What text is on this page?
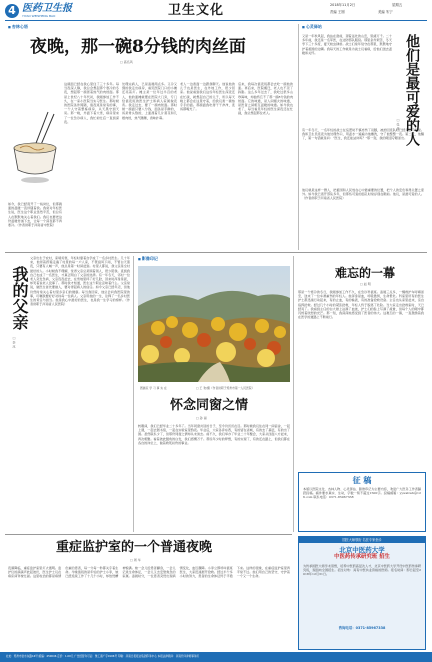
4 医药卫生报
YIYAO WEISHENG BAO	卫生文化	2018年11月2日	星期五
责编 王刚	美编 朱宁
■ 杏林心语
夜晚，那一碗8分钱的肉丝面
□ 高名风
这碗面已经在我心里住了三十多年。每当夜深人静，我总会想起那个寒冷的冬夜，想起那一碗冒着热气的肉丝面。那是上世纪八十年代初，我刚参加工作不久，在一家小医院当实习医生。那时候的医院条件简陋，值夜班是常有的事，一个人守着整栋病房，从天黑守到天亮。那一晚，外面下着大雪，病房里来了一位急诊病人，我忙前忙后一直到深夜。
处理完病人，已是凌晨两点多。又冷又饿的我走出病房，看见医院门口的小摊还亮着灯。摊主是一位年过半百的老人，他的面摊就摆在医院大门旁，专门给值夜班的医生护士和病人家属做夜宵。我走过去，要了一碗肉丝面。那时候一碗面只要八分钱，面条是手擀的，汤是骨头熬的，上面漂着几片葱花和几根肉丝，热气腾腾，香味扑鼻。
老人一边煮面一边跟我聊天。他说他的儿子也是医生，在外地工作，很少回家。他说看到我们这些年轻医生深夜还在忙碌，就想起自己的儿子，所以每天晚上都会在这里守着，给我们煮一碗热乎乎的面。那碗面我吃得干干净净，连汤都喝光了。
后来，我每次值夜班都会去吃一碗他的面。再后来，医院搬迁，老人也不见了踪影。这么多年过去了，我吃过很多山珍海味，却始终忘不了那一碗8分钱的肉丝面。它的味道，是人间烟火的味道，是医者之间相互温暖的味道。如今我也老了，每当看见年轻的医生深夜还在忙碌，我总想起那位老人。
如今，我已经离开了一线岗位，但那碗面的温暖一直伴随着我。我常对年轻医生说，医生这个职业虽然辛苦，但总有人在默默地关心着我们。我们也要把这份温暖传递下去，让每一个深夜都不再寒冷。（作者供职于河南省中医院）
■ 心灵驿站
他们是最可爱的人
□ 张 伟
又是一年秋风起，我站在窗前，望着远处的山峦，思绪万千。二十多年前，我还是一名军医，在边防部队服役。那里条件艰苦，冬天零下三十多度，夏天蚊虫肆虐。战士们常年驻守在那里，默默地守护着祖国的边疆。我每天的工作就是为战士们看病，给他们送去温暖和关怀。
有一年冬天，一名年轻的战士在巡逻时不慎冻伤了双脚，被抬回连队时已经失去了知觉。我和卫生员连夜为他处理伤口，用温水一遍遍为他擦洗，守了他整整一夜。第二天，他醒了，第一句话就是问：“医生，我还能站岗吗？”那一刻，我的眼泪夺眶而出。
他们就是这样一群人，把祖国和人民放在心中最重要的位置，把个人的安危和得失置之度外。如今我已离开部队多年，但那些可爱的面孔时常浮现在眼前。他们，是最可爱的人。（作者供职于河南省人民医院）
我的父亲
□ 李 冰
父亲出生于农村，家境贫寒，年轻时靠着自学成了一名乡村医生。几十年来，他背着药箱走遍了村里的每一户人家，不管刮风下雨，不管白天黑夜，只要有人喊一声，他总是第一时间赶到。村里人都说，我父亲是全村最好的人。小时候我不理解，觉得父亲总是顾着别人，很少陪我。直到我自己也成了一名医生，才真正明白了父亲的选择。有一年冬天，邻村一位老人突发急病，父亲连夜赶去，在雪地里摔了好几跤，回来时浑身是泥，却笑着说老人没事了。那时我才知道，医生这个职业意味着什么。父亲常说，做医生首先要做人，要对得起病人的信任。如今父亲已经年迈，但他仍然时常关心着村里乡亲们的健康。每当我回家，他总会问我医院里的事，叮嘱我要好好对待每一位病人。父亲用他的一生，诠释了一名乡村医生的责任与担当。他是我心中最好的医生，也是我一生学习的榜样。（作者供职于河南省人民医院）
■ 影像印记
图画家 学 习 事 实 在	□ 王 欢/摄（作者供职于郑州市第一人民医院）
怀念同窗之情
□ 孙 丽
转眼间，我们已经毕业二十多年了。当年同窗共读的日子，至今仍历历在目。那时候我们住在同一间宿舍，一起上课，一起去图书馆，一起在实验室里熬夜。毕业后，大家各奔东西，有的留在省城，有的去了基层，有的出了国。虽然联系少了，但那份同窗之情却从未淡去。前不久，我们举办了毕业二十年聚会，大家从四面八方赶来，再次相聚。看着彼此鬓角的白发，我们感慨万千。那些年少时的梦想，有的实现了，有的还在路上，但我们都在各自的岗位上，做着救死扶伤的事业。
难忘的一幕
□ 赵 明
那是一个寒冷的冬日，我刚参加工作不久，在急诊科值班。凌晨三点多，一辆救护车呼啸而至，送来了一位车祸重伤的年轻人。他浑身是血，呼吸微弱，生命垂危。科室里所有的医生护士都迅速行动起来，有的止血，有的输液，有的准备抢救设备。主任也从家里赶来，亲自指挥抢救。经过几个小时的紧张抢救，年轻人终于脱离了危险。当大家走出抢救室时，天已经亮了。我看到主任的白大褂上沾满了血迹，护士们的脸上写满了疲惫，但每个人的眼中都闪烁着欣慰的光芒。那一刻，我深深地感受到了医者的伟大。这难忘的一幕，一直激励着我在医学的道路上不断前行。
征 稿
本版以医院文化、杏林人物、心灵驿站、影像印记为主要内容，欢迎广大医务工作者踊跃投稿。稿件要求真实、生动，字数一般不超过1500字。投稿邮箱：yywsbwh@126.com 联系电话：0371-85967338
重症监护室的一个普通夜晚
□ 周 华
夜幕降临，重症监护室里灯火通明。监护仪的滴滴声此起彼伏，医生护士们在病床间穿梭忙碌。这里收治的都是病情危重的患者，每一分每一秒都关乎着生命。今晚值班的是年轻的护士小李，她已经连续工作了十几个小时，却依然精神饱满。她一会儿给患者翻身，一会儿记录生命体征，一会儿又去安慰焦急的家属。凌晨时分，一位患者突然出现病情变化，血压骤降。小李立即呼叫值班医生，大家迅速展开抢救。经过半个多小时的努力，患者的生命体征终于平稳下来。这样的夜晚，在重症监护室里再平常不过。他们用自己的坚守，守护着一个又一个生命。
国医大师领衔 名医专家坐诊
北京中医药大学
中医药传承研究班 招生
为传承国医大师学术思想，培养中医药高层次人才，北京中医药大学开设中医药传承研究班，现面向全国招生。招生对象：具有中医执业资格的医师。报名时间：即日起至2018年12月31日。
咨询电话：0371-85967338
社址：郑州市金水东路16号 邮编：450046 定价：1.00元 广告经营许可证：豫工商广字0106号 印刷：河南日报报业集团印务中心 本报法律顾问：河南仟问律师事务所
